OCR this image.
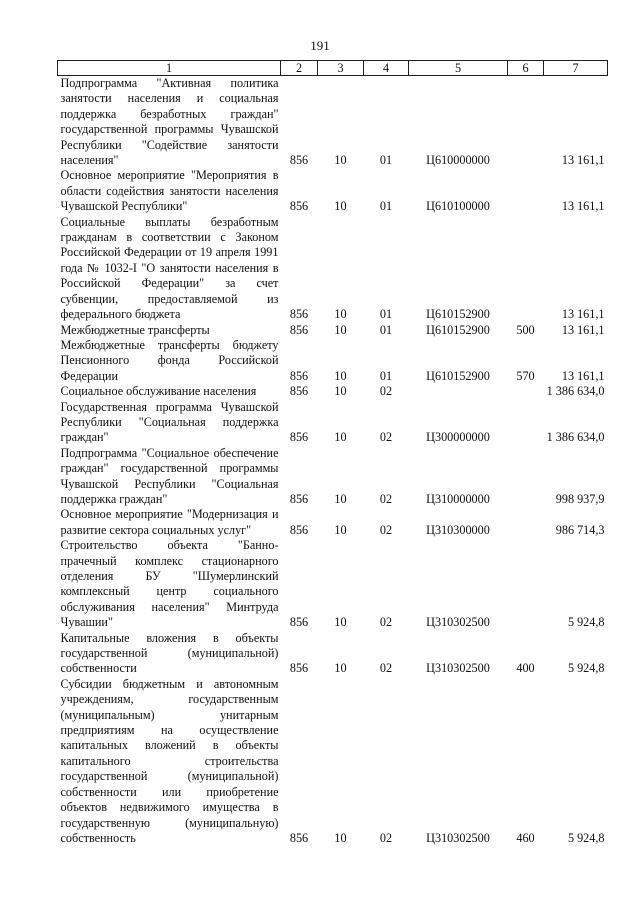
191
1	2	3	4	5	6	7
Подпрограмма "Активная политика занятости населения и социальная поддержка безработных граждан" государственной программы Чувашской Республики "Содействие занятости населения"	856	10	01	Ц610000000		13 161,1
Основное мероприятие "Мероприятия в области содействия занятости населения Чувашской Республики"	856	10	01	Ц610100000		13 161,1
Социальные выплаты безработным гражданам в соответствии с Законом Российской Федерации от 19 апреля 1991 года № 1032-I "О занятости населения в Российской Федерации" за счет субвенции, предоставляемой из федерального бюджета	856	10	01	Ц610152900		13 161,1
Межбюджетные трансферты	856	10	01	Ц610152900	500	13 161,1
Межбюджетные трансферты бюджету Пенсионного фонда Российской Федерации	856	10	01	Ц610152900	570	13 161,1
Социальное обслуживание населения	856	10	02			1 386 634,0
Государственная программа Чувашской Республики "Социальная поддержка граждан"	856	10	02	Ц300000000		1 386 634,0
Подпрограмма "Социальное обеспечение граждан" государственной программы Чувашской Республики "Социальная поддержка граждан"	856	10	02	Ц310000000		998 937,9
Основное мероприятие "Модернизация и развитие сектора социальных услуг"	856	10	02	Ц310300000		986 714,3
Строительство объекта "Банно-прачечный комплекс стационарного отделения БУ "Шумерлинский комплексный центр социального обслуживания населения" Минтруда Чувашии"	856	10	02	Ц310302500		5 924,8
Капитальные вложения в объекты государственной (муниципальной) собственности	856	10	02	Ц310302500	400	5 924,8
Субсидии бюджетным и автономным учреждениям, государственным (муниципальным) унитарным предприятиям на осуществление капитальных вложений в объекты капитального строительства государственной (муниципальной) собственности или приобретение объектов недвижимого имущества в государственную (муниципальную) собственность	856	10	02	Ц310302500	460	5 924,8
